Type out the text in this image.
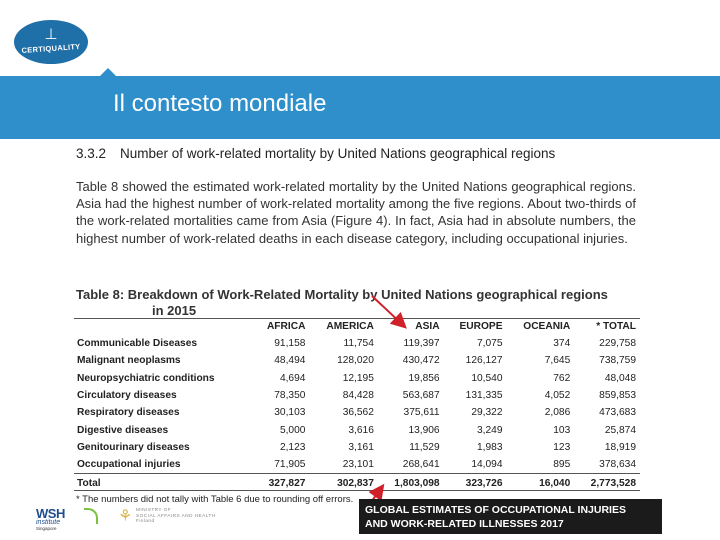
⊥
CERTIQUALITY
Il contesto mondiale
3.3.2 Number of work-related mortality by United Nations geographical regions
Table 8 showed the estimated work-related mortality by the United Nations geographical regions. Asia had the highest number of work-related mortality among the five regions. About two-thirds of the work-related mortalities came from Asia (Figure 4). In fact, Asia had in absolute numbers, the highest number of work-related deaths in each disease category, including occupational injuries.
Table 8: Breakdown of Work-Related Mortality by United Nations geographical regions
in 2015
	AFRICA	AMERICA	ASIA	EUROPE	OCEANIA	* TOTAL
Communicable Diseases	91,158	11,754	119,397	7,075	374	229,758
Malignant neoplasms	48,494	128,020	430,472	126,127	7,645	738,759
Neuropsychiatric conditions	4,694	12,195	19,856	10,540	762	48,048
Circulatory diseases	78,350	84,428	563,687	131,335	4,052	859,853
Respiratory diseases	30,103	36,562	375,611	29,322	2,086	473,683
Digestive diseases	5,000	3,616	13,906	3,249	103	25,874
Genitourinary diseases	2,123	3,161	11,529	1,983	123	18,919
Occupational injuries	71,905	23,101	268,641	14,094	895	378,634
Total	327,827	302,837	1,803,098	323,726	16,040	2,773,528
* The numbers did not tally with Table 6 due to rounding off errors.
GLOBAL ESTIMATES OF OCCUPATIONAL INJURIES
AND WORK-RELATED ILLNESSES 2017
WSH
institute
Singapore
⚘ MINISTRY OF
SOCIAL AFFAIRS AND HEALTH
Finland
